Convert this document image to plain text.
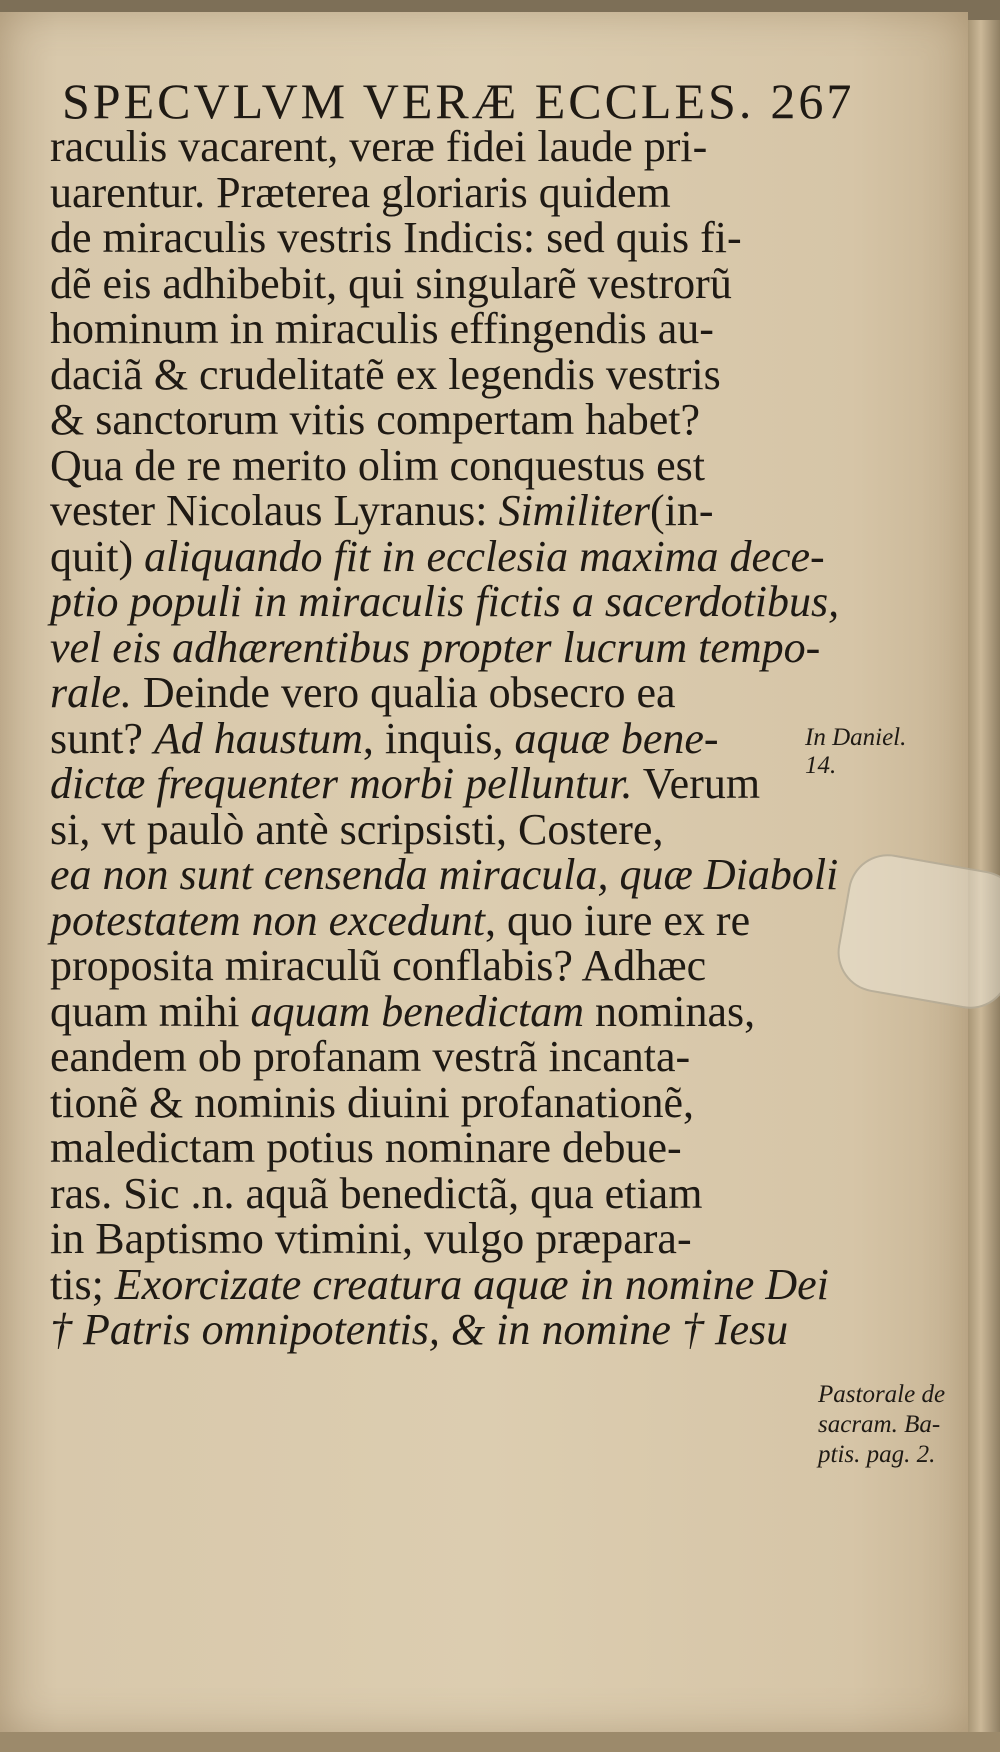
SPECVLVM VERÆ ECCLES. 267
raculis vacarent, veræ fidei laude pri-
uarentur. Præterea gloriaris quidem
de miraculis vestris Indicis: sed quis fi-
dẽ eis adhibebit, qui singularẽ vestrorũ
hominum in miraculis effingendis au-
daciã & crudelitatẽ ex legendis vestris
& sanctorum vitis compertam habet?
Qua de re merito olim conquestus est
vester Nicolaus Lyranus: Similiter(in-
quit) aliquando fit in ecclesia maxima dece-
ptio populi in miraculis fictis a sacerdotibus,
vel eis adhærentibus propter lucrum tempo-
rale. Deinde vero qualia obsecro ea
sunt? Ad haustum, inquis, aquæ bene-
dictæ frequenter morbi pelluntur. Verum
si, vt paulò antè scripsisti, Costere,
ea non sunt censenda miracula, quæ Diaboli
potestatem non excedunt, quo iure ex re
proposita miraculũ conflabis? Adhæc
quam mihi aquam benedictam nominas,
eandem ob profanam vestrã incanta-
tionẽ & nominis diuini profanationẽ,
maledictam potius nominare debue-
ras. Sic .n. aquã benedictã, qua etiam
in Baptismo vtimini, vulgo præpara-
tis; Exorcizate creatura aquæ in nomine Dei
† Patris omnipotentis, & in nomine † Iesu
In Daniel.
14.
Pastorale de
sacram. Ba-
ptis. pag. 2.
